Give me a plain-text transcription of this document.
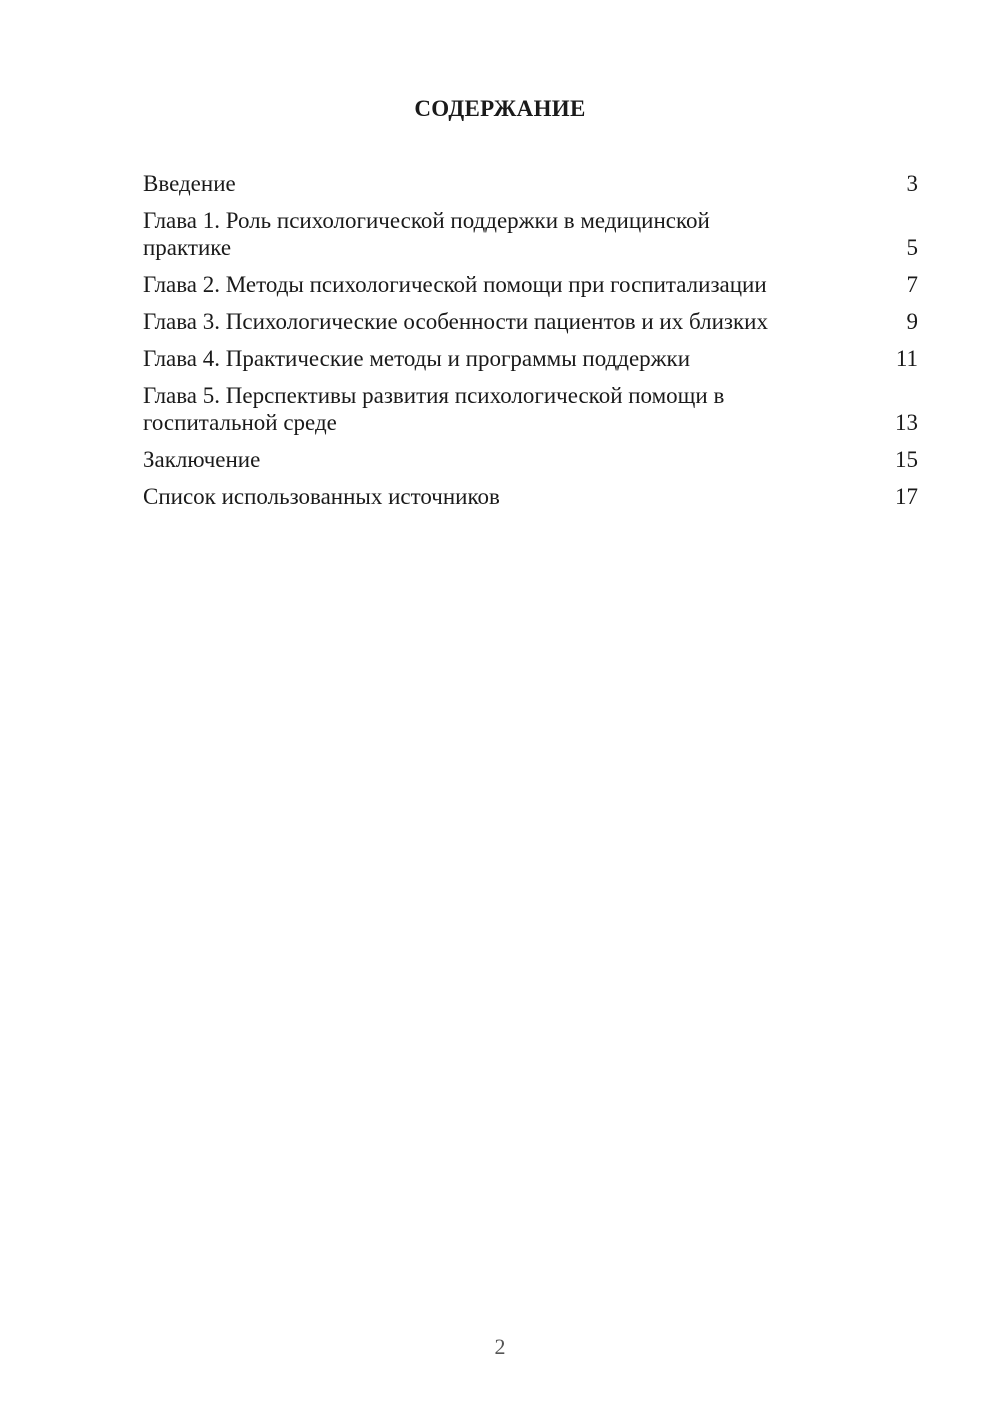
СОДЕРЖАНИЕ
Введение	3
Глава 1. Роль психологической поддержки в медицинской практике	5
Глава 2. Методы психологической помощи при госпитализации	7
Глава 3. Психологические особенности пациентов и их близких	9
Глава 4. Практические методы и программы поддержки	11
Глава 5. Перспективы развития психологической помощи в госпитальной среде	13
Заключение	15
Список использованных источников	17
2
